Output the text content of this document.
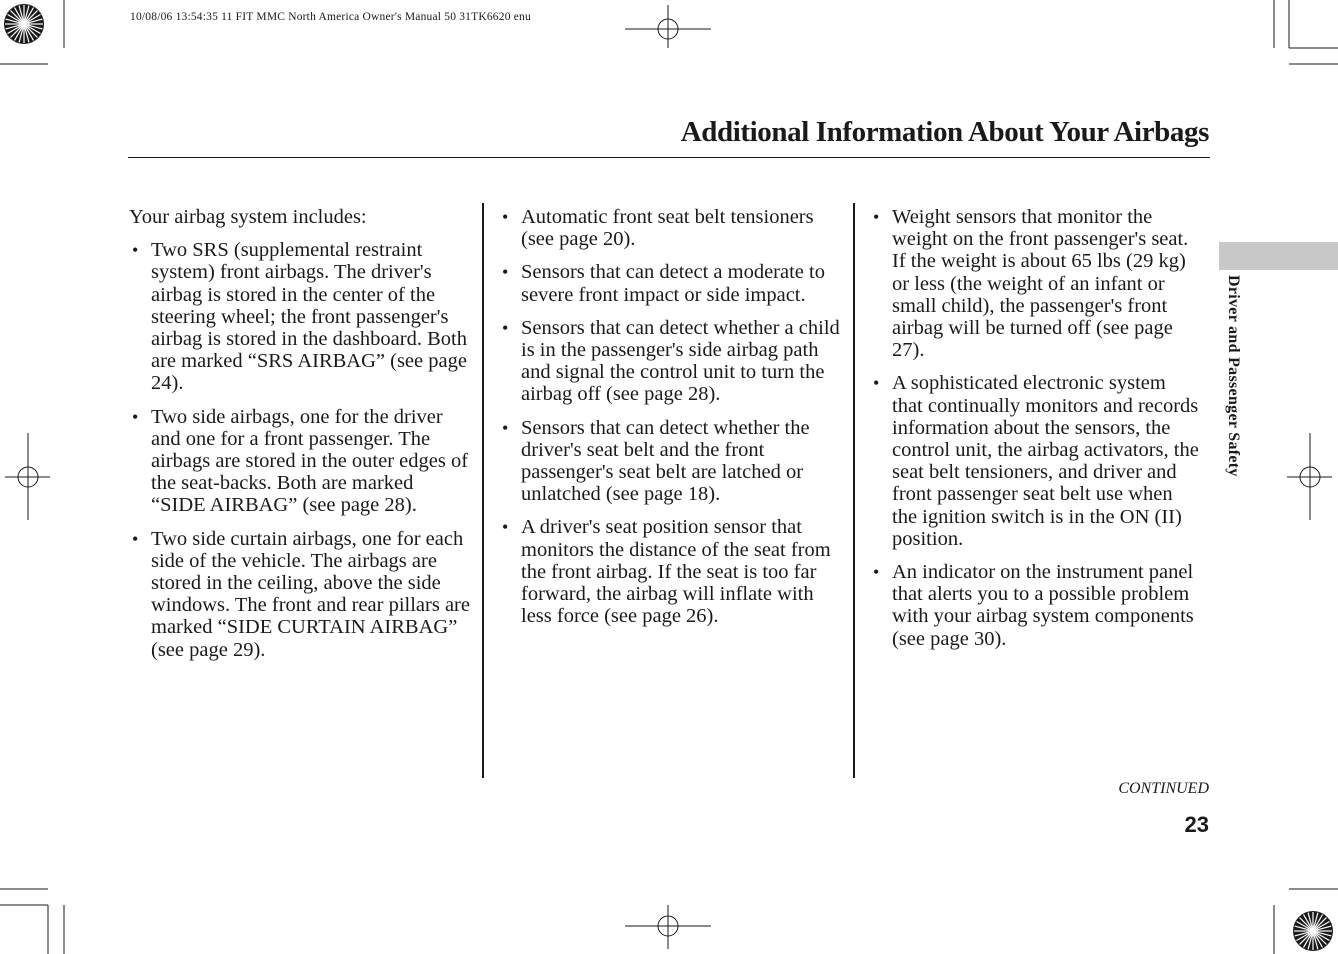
10/08/06 13:54:35 11 FIT MMC North America Owner's Manual 50 31TK6620 enu
Additional Information About Your Airbags

Your airbag system includes:

• Two SRS (supplemental restraint system) front airbags. The driver's airbag is stored in the center of the steering wheel; the front passenger's airbag is stored in the dashboard. Both are marked “SRS AIRBAG” (see page 24).
• Two side airbags, one for the driver and one for a front passenger. The airbags are stored in the outer edges of the seat-backs. Both are marked “SIDE AIRBAG” (see page 28).
• Two side curtain airbags, one for each side of the vehicle. The airbags are stored in the ceiling, above the side windows. The front and rear pillars are marked “SIDE CURTAIN AIRBAG” (see page 29).
• Automatic front seat belt tensioners (see page 20).
• Sensors that can detect a moderate to severe front impact or side impact.
• Sensors that can detect whether a child is in the passenger's side airbag path and signal the control unit to turn the airbag off (see page 28).
• Sensors that can detect whether the driver's seat belt and the front passenger's seat belt are latched or unlatched (see page 18).
• A driver's seat position sensor that monitors the distance of the seat from the front airbag. If the seat is too far forward, the airbag will inflate with less force (see page 26).
• Weight sensors that monitor the weight on the front passenger's seat. If the weight is about 65 lbs (29 kg) or less (the weight of an infant or small child), the passenger's front airbag will be turned off (see page 27).
• A sophisticated electronic system that continually monitors and records information about the sensors, the control unit, the airbag activators, the seat belt tensioners, and driver and front passenger seat belt use when the ignition switch is in the ON (II) position.
• An indicator on the instrument panel that alerts you to a possible problem with your airbag system components (see page 30).
Driver and Passenger Safety
CONTINUED
23
